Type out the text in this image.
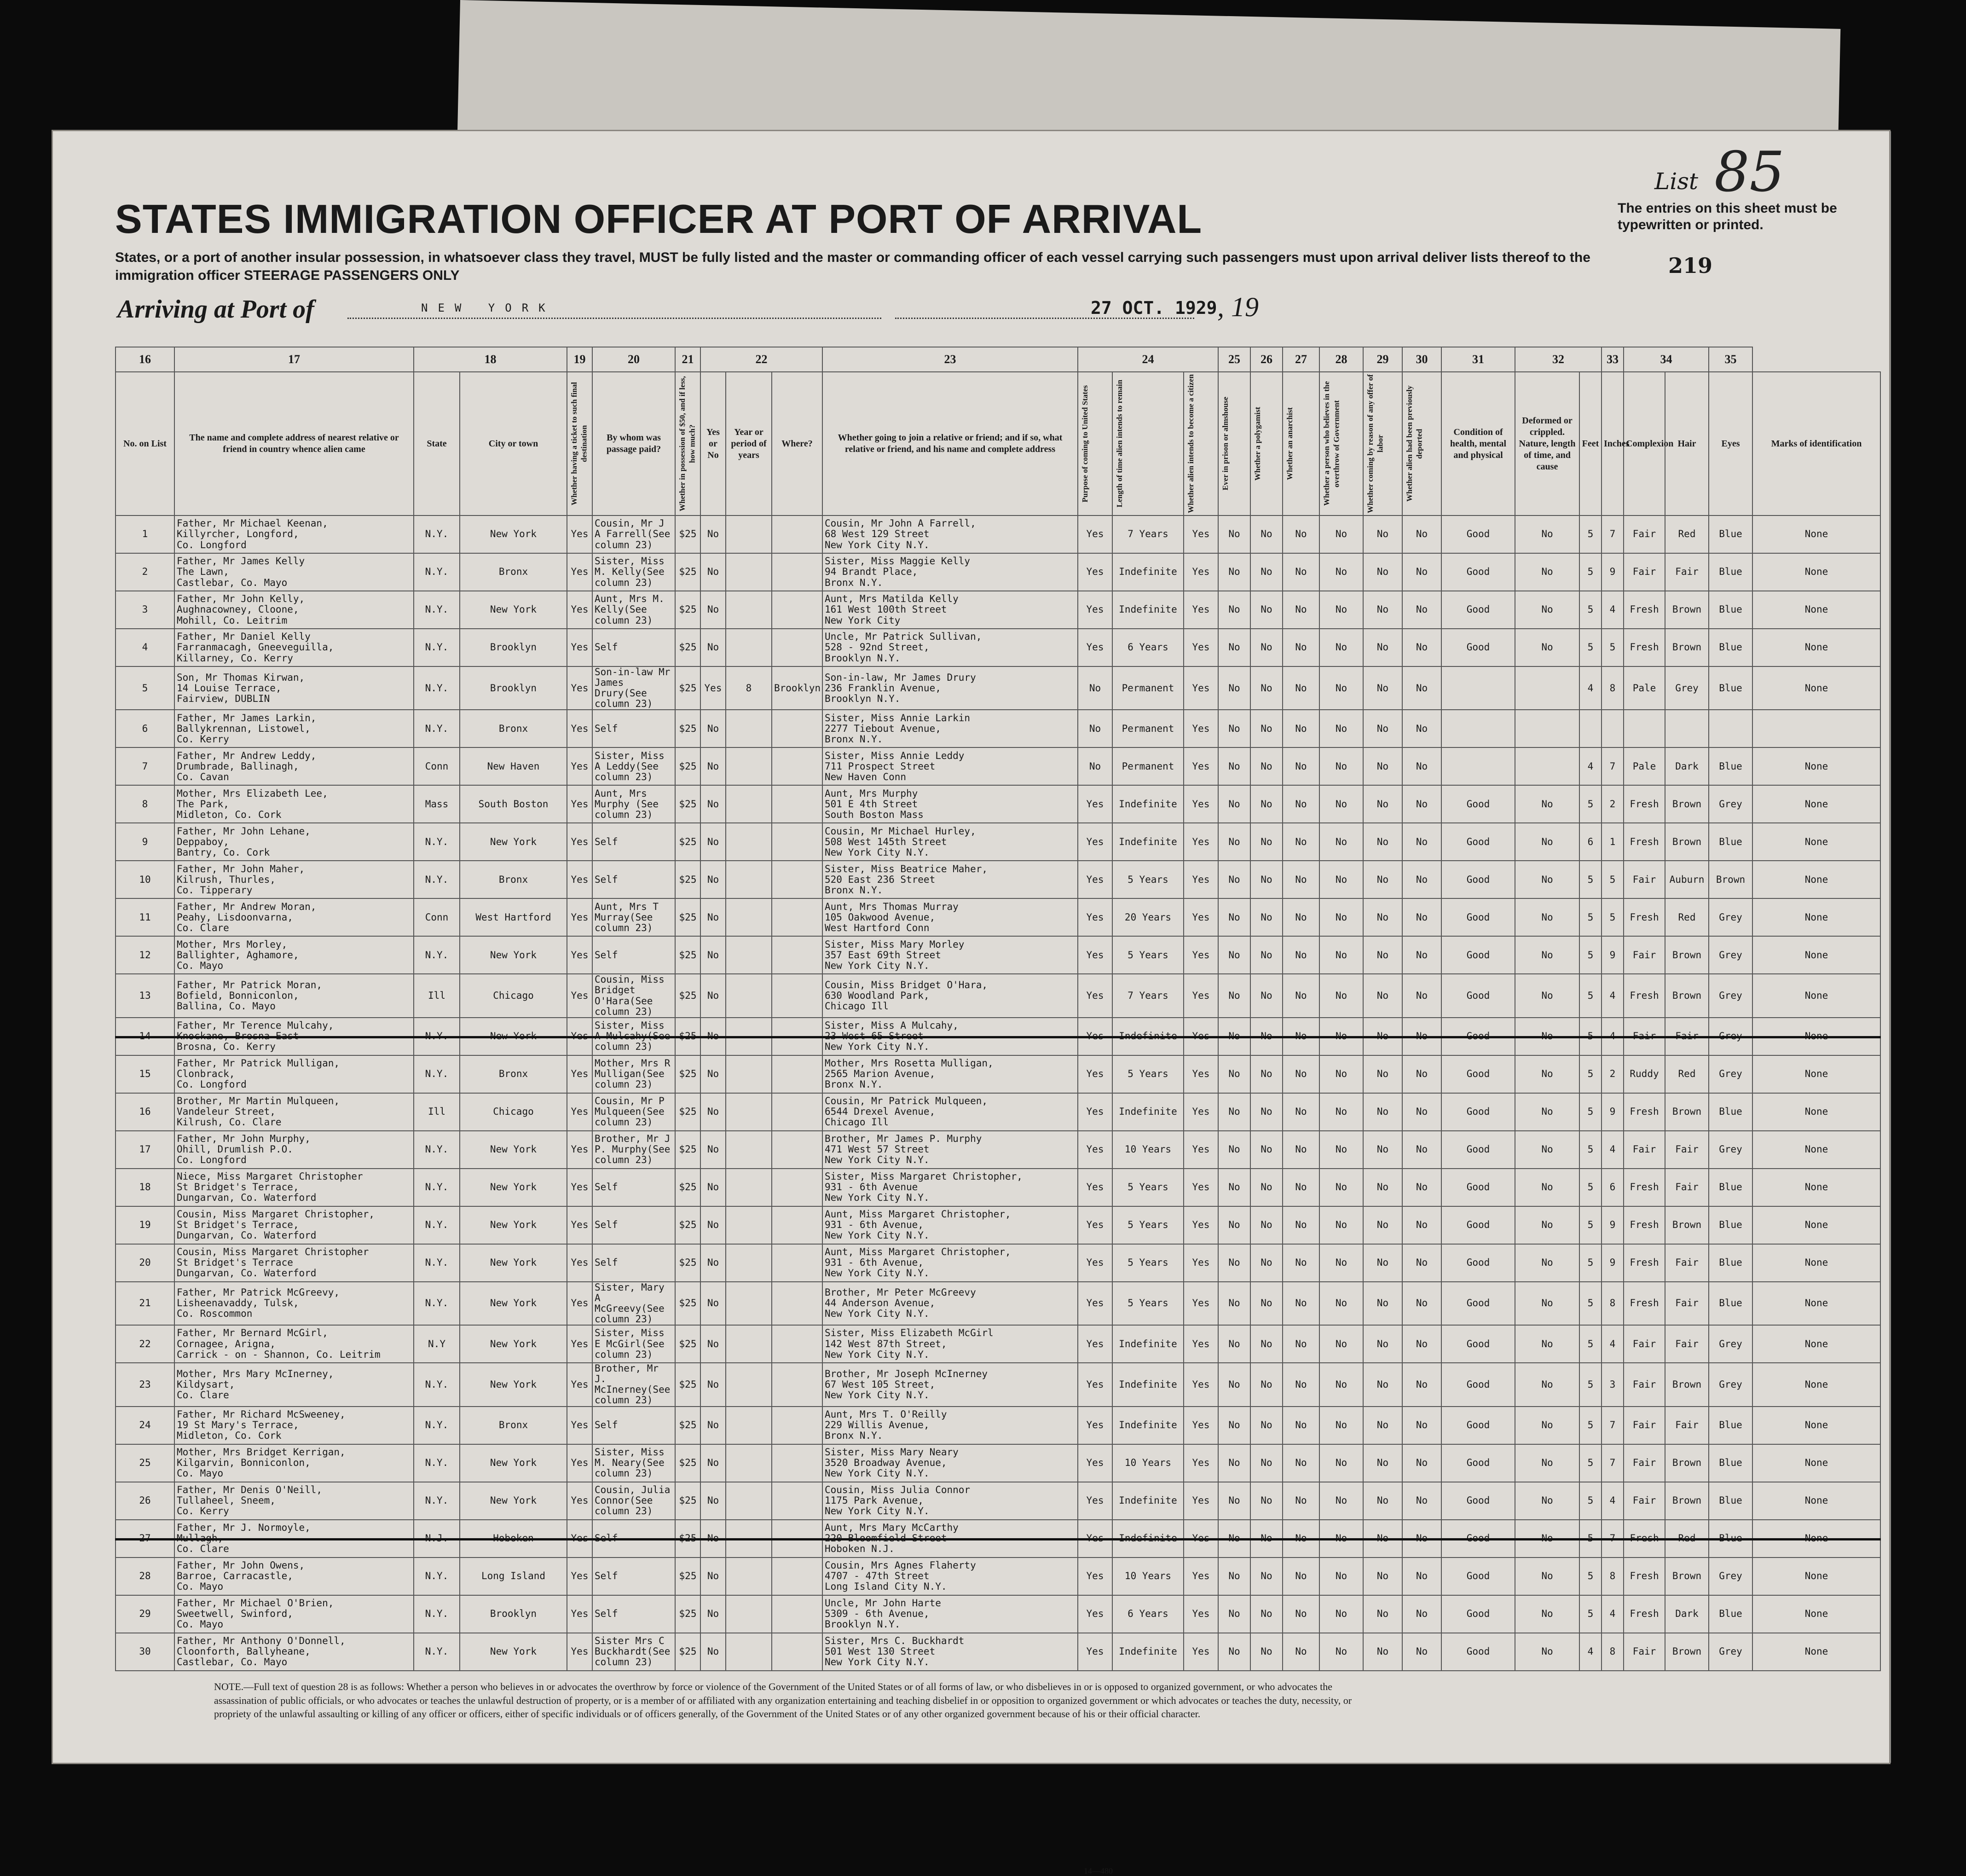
List 85
The entries on this sheet must be typewritten or printed.
219
STATES IMMIGRATION OFFICER AT PORT OF ARRIVAL
States, or a port of another insular possession, in whatsoever class they travel, MUST be fully listed and the master or commanding officer of each vessel carrying such passengers must upon arrival deliver lists thereof to the immigration officer STEERAGE PASSENGERS ONLY
Arriving at Port of	NEW YORK	27 OCT. 1929 , 19
16	17	18		19	20	21	22			23	24			25	26	27	28	29	30	31	32		33	34		35	
No. on List	The name and complete address of nearest relative or friend in country whence alien came	State	City or town	Whether having a ticket to such final destination	By whom was passage paid?	Whether in possession of $50, and if less, how much?	Yes or No	Year or period of years	Where?	Whether going to join a relative or friend; and if so, what relative or friend, and his name and complete address	Purpose of coming to United States	Length of time alien intends to remain	Whether alien intends to become a citizen	Ever in prison or almshouse	Whether a polygamist	Whether an anarchist	Whether a person who believes in the overthrow of Government	Whether coming by reason of any offer of labor	Whether alien had been previously deported	Condition of health, mental and physical	Deformed or crippled. Nature, length of time, and cause	Feet	Inches	Complexion	Hair	Eyes	Marks of identification
1	Father, Mr Michael Keenan,
Killyrcher, Longford,
Co. Longford	N.Y.	New York	Yes	Cousin, Mr J A Farrell(See column 23)	$25	No			Cousin, Mr John A Farrell,
68 West 129 Street
New York City N.Y.	Yes	7 Years	Yes	No	No	No	No	No	No	Good	No	5	7	Fair	Red	Blue	None
2	Father, Mr James Kelly
The Lawn,
Castlebar, Co. Mayo	N.Y.	Bronx	Yes	Sister, Miss M. Kelly(See column 23)	$25	No			Sister, Miss Maggie Kelly
94 Brandt Place,
Bronx N.Y.	Yes	Indefinite	Yes	No	No	No	No	No	No	Good	No	5	9	Fair	Fair	Blue	None
3	Father, Mr John Kelly,
Aughnacowney, Cloone,
Mohill, Co. Leitrim	N.Y.	New York	Yes	Aunt, Mrs M. Kelly(See column 23)	$25	No			Aunt, Mrs Matilda Kelly
161 West 100th Street
New York City	Yes	Indefinite	Yes	No	No	No	No	No	No	Good	No	5	4	Fresh	Brown	Blue	None
4	Father, Mr Daniel Kelly
Farranmacagh, Gneeveguilla,
Killarney, Co. Kerry	N.Y.	Brooklyn	Yes	Self	$25	No			Uncle, Mr Patrick Sullivan,
528 - 92nd Street,
Brooklyn N.Y.	Yes	6 Years	Yes	No	No	No	No	No	No	Good	No	5	5	Fresh	Brown	Blue	None
5	Son, Mr Thomas Kirwan,
14 Louise Terrace,
Fairview, DUBLIN	N.Y.	Brooklyn	Yes	Son-in-law Mr James Drury(See column 23)	$25	Yes	8	Brooklyn	Son-in-law, Mr James Drury
236 Franklin Avenue,
Brooklyn N.Y.	No	Permanent	Yes	No	No	No	No	No	No			4	8	Pale	Grey	Blue	None
6	Father, Mr James Larkin,
Ballykrennan, Listowel,
Co. Kerry	N.Y.	Bronx	Yes	Self	$25	No			Sister, Miss Annie Larkin
2277 Tiebout Avenue,
Bronx N.Y.	No	Permanent	Yes	No	No	No	No	No	No								
7	Father, Mr Andrew Leddy,
Drumbrade, Ballinagh,
Co. Cavan	Conn	New Haven	Yes	Sister, Miss A Leddy(See column 23)	$25	No			Sister, Miss Annie Leddy
711 Prospect Street
New Haven Conn	No	Permanent	Yes	No	No	No	No	No	No			4	7	Pale	Dark	Blue	None
8	Mother, Mrs Elizabeth Lee,
The Park,
Midleton, Co. Cork	Mass	South Boston	Yes	Aunt, Mrs Murphy (See column 23)	$25	No			Aunt, Mrs Murphy
501 E 4th Street
South Boston Mass	Yes	Indefinite	Yes	No	No	No	No	No	No	Good	No	5	2	Fresh	Brown	Grey	None
9	Father, Mr John Lehane,
Deppaboy,
Bantry, Co. Cork	N.Y.	New York	Yes	Self	$25	No			Cousin, Mr Michael Hurley,
508 West 145th Street
New York City N.Y.	Yes	Indefinite	Yes	No	No	No	No	No	No	Good	No	6	1	Fresh	Brown	Blue	None
10	Father, Mr John Maher,
Kilrush, Thurles,
Co. Tipperary	N.Y.	Bronx	Yes	Self	$25	No			Sister, Miss Beatrice Maher,
520 East 236 Street
Bronx N.Y.	Yes	5 Years	Yes	No	No	No	No	No	No	Good	No	5	5	Fair	Auburn	Brown	None
11	Father, Mr Andrew Moran,
Peahy, Lisdoonvarna,
Co. Clare	Conn	West Hartford	Yes	Aunt, Mrs T Murray(See column 23)	$25	No			Aunt, Mrs Thomas Murray
105 Oakwood Avenue,
West Hartford Conn	Yes	20 Years	Yes	No	No	No	No	No	No	Good	No	5	5	Fresh	Red	Grey	None
12	Mother, Mrs Morley,
Ballighter, Aghamore,
Co. Mayo	N.Y.	New York	Yes	Self	$25	No			Sister, Miss Mary Morley
357 East 69th Street
New York City N.Y.	Yes	5 Years	Yes	No	No	No	No	No	No	Good	No	5	9	Fair	Brown	Grey	None
13	Father, Mr Patrick Moran,
Bofield, Bonniconlon,
Ballina, Co. Mayo	Ill	Chicago	Yes	Cousin, Miss Bridget O'Hara(See column 23)	$25	No			Cousin, Miss Bridget O'Hara,
630 Woodland Park,
Chicago Ill	Yes	7 Years	Yes	No	No	No	No	No	No	Good	No	5	4	Fresh	Brown	Grey	None
14	Father, Mr Terence Mulcahy,
Knockane, Brosna East
Brosna, Co. Kerry	N.Y.	New York	Yes	Sister, Miss A Mulcahy(See column 23)	$25	No			Sister, Miss A Mulcahy,
23 West 65 Street
New York City N.Y.	Yes	Indefinite	Yes	No	No	No	No	No	No	Good	No	5	4	Fair	Fair	Grey	None
15	Father, Mr Patrick Mulligan,
Clonbrack,
Co. Longford	N.Y.	Bronx	Yes	Mother, Mrs R Mulligan(See column 23)	$25	No			Mother, Mrs Rosetta Mulligan,
2565 Marion Avenue,
Bronx N.Y.	Yes	5 Years	Yes	No	No	No	No	No	No	Good	No	5	2	Ruddy	Red	Grey	None
16	Brother, Mr Martin Mulqueen,
Vandeleur Street,
Kilrush, Co. Clare	Ill	Chicago	Yes	Cousin, Mr P Mulqueen(See column 23)	$25	No			Cousin, Mr Patrick Mulqueen,
6544 Drexel Avenue,
Chicago Ill	Yes	Indefinite	Yes	No	No	No	No	No	No	Good	No	5	9	Fresh	Brown	Blue	None
17	Father, Mr John Murphy,
Ohill, Drumlish P.O.
Co. Longford	N.Y.	New York	Yes	Brother, Mr J P. Murphy(See column 23)	$25	No			Brother, Mr James P. Murphy
471 West 57 Street
New York City N.Y.	Yes	10 Years	Yes	No	No	No	No	No	No	Good	No	5	4	Fair	Fair	Grey	None
18	Niece, Miss Margaret Christopher
St Bridget's Terrace,
Dungarvan, Co. Waterford	N.Y.	New York	Yes	Self	$25	No			Sister, Miss Margaret Christopher,
931 - 6th Avenue
New York City N.Y.	Yes	5 Years	Yes	No	No	No	No	No	No	Good	No	5	6	Fresh	Fair	Blue	None
19	Cousin, Miss Margaret Christopher,
St Bridget's Terrace,
Dungarvan, Co. Waterford	N.Y.	New York	Yes	Self	$25	No			Aunt, Miss Margaret Christopher,
931 - 6th Avenue,
New York City N.Y.	Yes	5 Years	Yes	No	No	No	No	No	No	Good	No	5	9	Fresh	Brown	Blue	None
20	Cousin, Miss Margaret Christopher
St Bridget's Terrace
Dungarvan, Co. Waterford	N.Y.	New York	Yes	Self	$25	No			Aunt, Miss Margaret Christopher,
931 - 6th Avenue,
New York City N.Y.	Yes	5 Years	Yes	No	No	No	No	No	No	Good	No	5	9	Fresh	Fair	Blue	None
21	Father, Mr Patrick McGreevy,
Lisheenavaddy, Tulsk,
Co. Roscommon	N.Y.	New York	Yes	Sister, Mary A McGreevy(See column 23)	$25	No			Brother, Mr Peter McGreevy
44 Anderson Avenue,
New York City N.Y.	Yes	5 Years	Yes	No	No	No	No	No	No	Good	No	5	8	Fresh	Fair	Blue	None
22	Father, Mr Bernard McGirl,
Cornagee, Arigna,
Carrick - on - Shannon, Co. Leitrim	N.Y	New York	Yes	Sister, Miss E McGirl(See column 23)	$25	No			Sister, Miss Elizabeth McGirl
142 West 87th Street,
New York City N.Y.	Yes	Indefinite	Yes	No	No	No	No	No	No	Good	No	5	4	Fair	Fair	Grey	None
23	Mother, Mrs Mary McInerney,
Kildysart,
Co. Clare	N.Y.	New York	Yes	Brother, Mr J. McInerney(See column 23)	$25	No			Brother, Mr Joseph McInerney
67 West 105 Street,
New York City N.Y.	Yes	Indefinite	Yes	No	No	No	No	No	No	Good	No	5	3	Fair	Brown	Grey	None
24	Father, Mr Richard McSweeney,
19 St Mary's Terrace,
Midleton, Co. Cork	N.Y.	Bronx	Yes	Self	$25	No			Aunt, Mrs T. O'Reilly
229 Willis Avenue,
Bronx N.Y.	Yes	Indefinite	Yes	No	No	No	No	No	No	Good	No	5	7	Fair	Fair	Blue	None
25	Mother, Mrs Bridget Kerrigan,
Kilgarvin, Bonniconlon,
Co. Mayo	N.Y.	New York	Yes	Sister, Miss M. Neary(See column 23)	$25	No			Sister, Miss Mary Neary
3520 Broadway Avenue,
New York City N.Y.	Yes	10 Years	Yes	No	No	No	No	No	No	Good	No	5	7	Fair	Brown	Blue	None
26	Father, Mr Denis O'Neill,
Tullaheel, Sneem,
Co. Kerry	N.Y.	New York	Yes	Cousin, Julia Connor(See column 23)	$25	No			Cousin, Miss Julia Connor
1175 Park Avenue,
New York City N.Y.	Yes	Indefinite	Yes	No	No	No	No	No	No	Good	No	5	4	Fair	Brown	Blue	None
27	Father, Mr J. Normoyle,
Mullagh,
Co. Clare	N.J.	Hoboken	Yes	Self	$25	No			Aunt, Mrs Mary McCarthy
220 Bloomfield Street
Hoboken N.J.	Yes	Indefinite	Yes	No	No	No	No	No	No	Good	No	5	7	Fresh	Red	Blue	None
28	Father, Mr John Owens,
Barroe, Carracastle,
Co. Mayo	N.Y.	Long Island	Yes	Self	$25	No			Cousin, Mrs Agnes Flaherty
4707 - 47th Street
Long Island City N.Y.	Yes	10 Years	Yes	No	No	No	No	No	No	Good	No	5	8	Fresh	Brown	Grey	None
29	Father, Mr Michael O'Brien,
Sweetwell, Swinford,
Co. Mayo	N.Y.	Brooklyn	Yes	Self	$25	No			Uncle, Mr John Harte
5309 - 6th Avenue,
Brooklyn N.Y.	Yes	6 Years	Yes	No	No	No	No	No	No	Good	No	5	4	Fresh	Dark	Blue	None
30	Father, Mr Anthony O'Donnell,
Cloonforth, Ballyheane,
Castlebar, Co. Mayo	N.Y.	New York	Yes	Sister Mrs C Buckhardt(See column 23)	$25	No			Sister, Mrs C. Buckhardt
501 West 130 Street
New York City N.Y.	Yes	Indefinite	Yes	No	No	No	No	No	No	Good	No	4	8	Fair	Brown	Grey	None
NOTE.—Full text of question 28 is as follows: Whether a person who believes in or advocates the overthrow by force or violence of the Government of the United States or of all forms of law, or who disbelieves in or is opposed to organized government, or who advocates the assassination of public officials, or who advocates or teaches the unlawful destruction of property, or is a member of or affiliated with any organization entertaining and teaching disbelief in or opposition to organized government or which advocates or teaches the duty, necessity, or propriety of the unlawful assaulting or killing of any officer or officers, either of specific individuals or of officers generally, of the Government of the United States or of any other organized government because of his or their official character.
14—480
